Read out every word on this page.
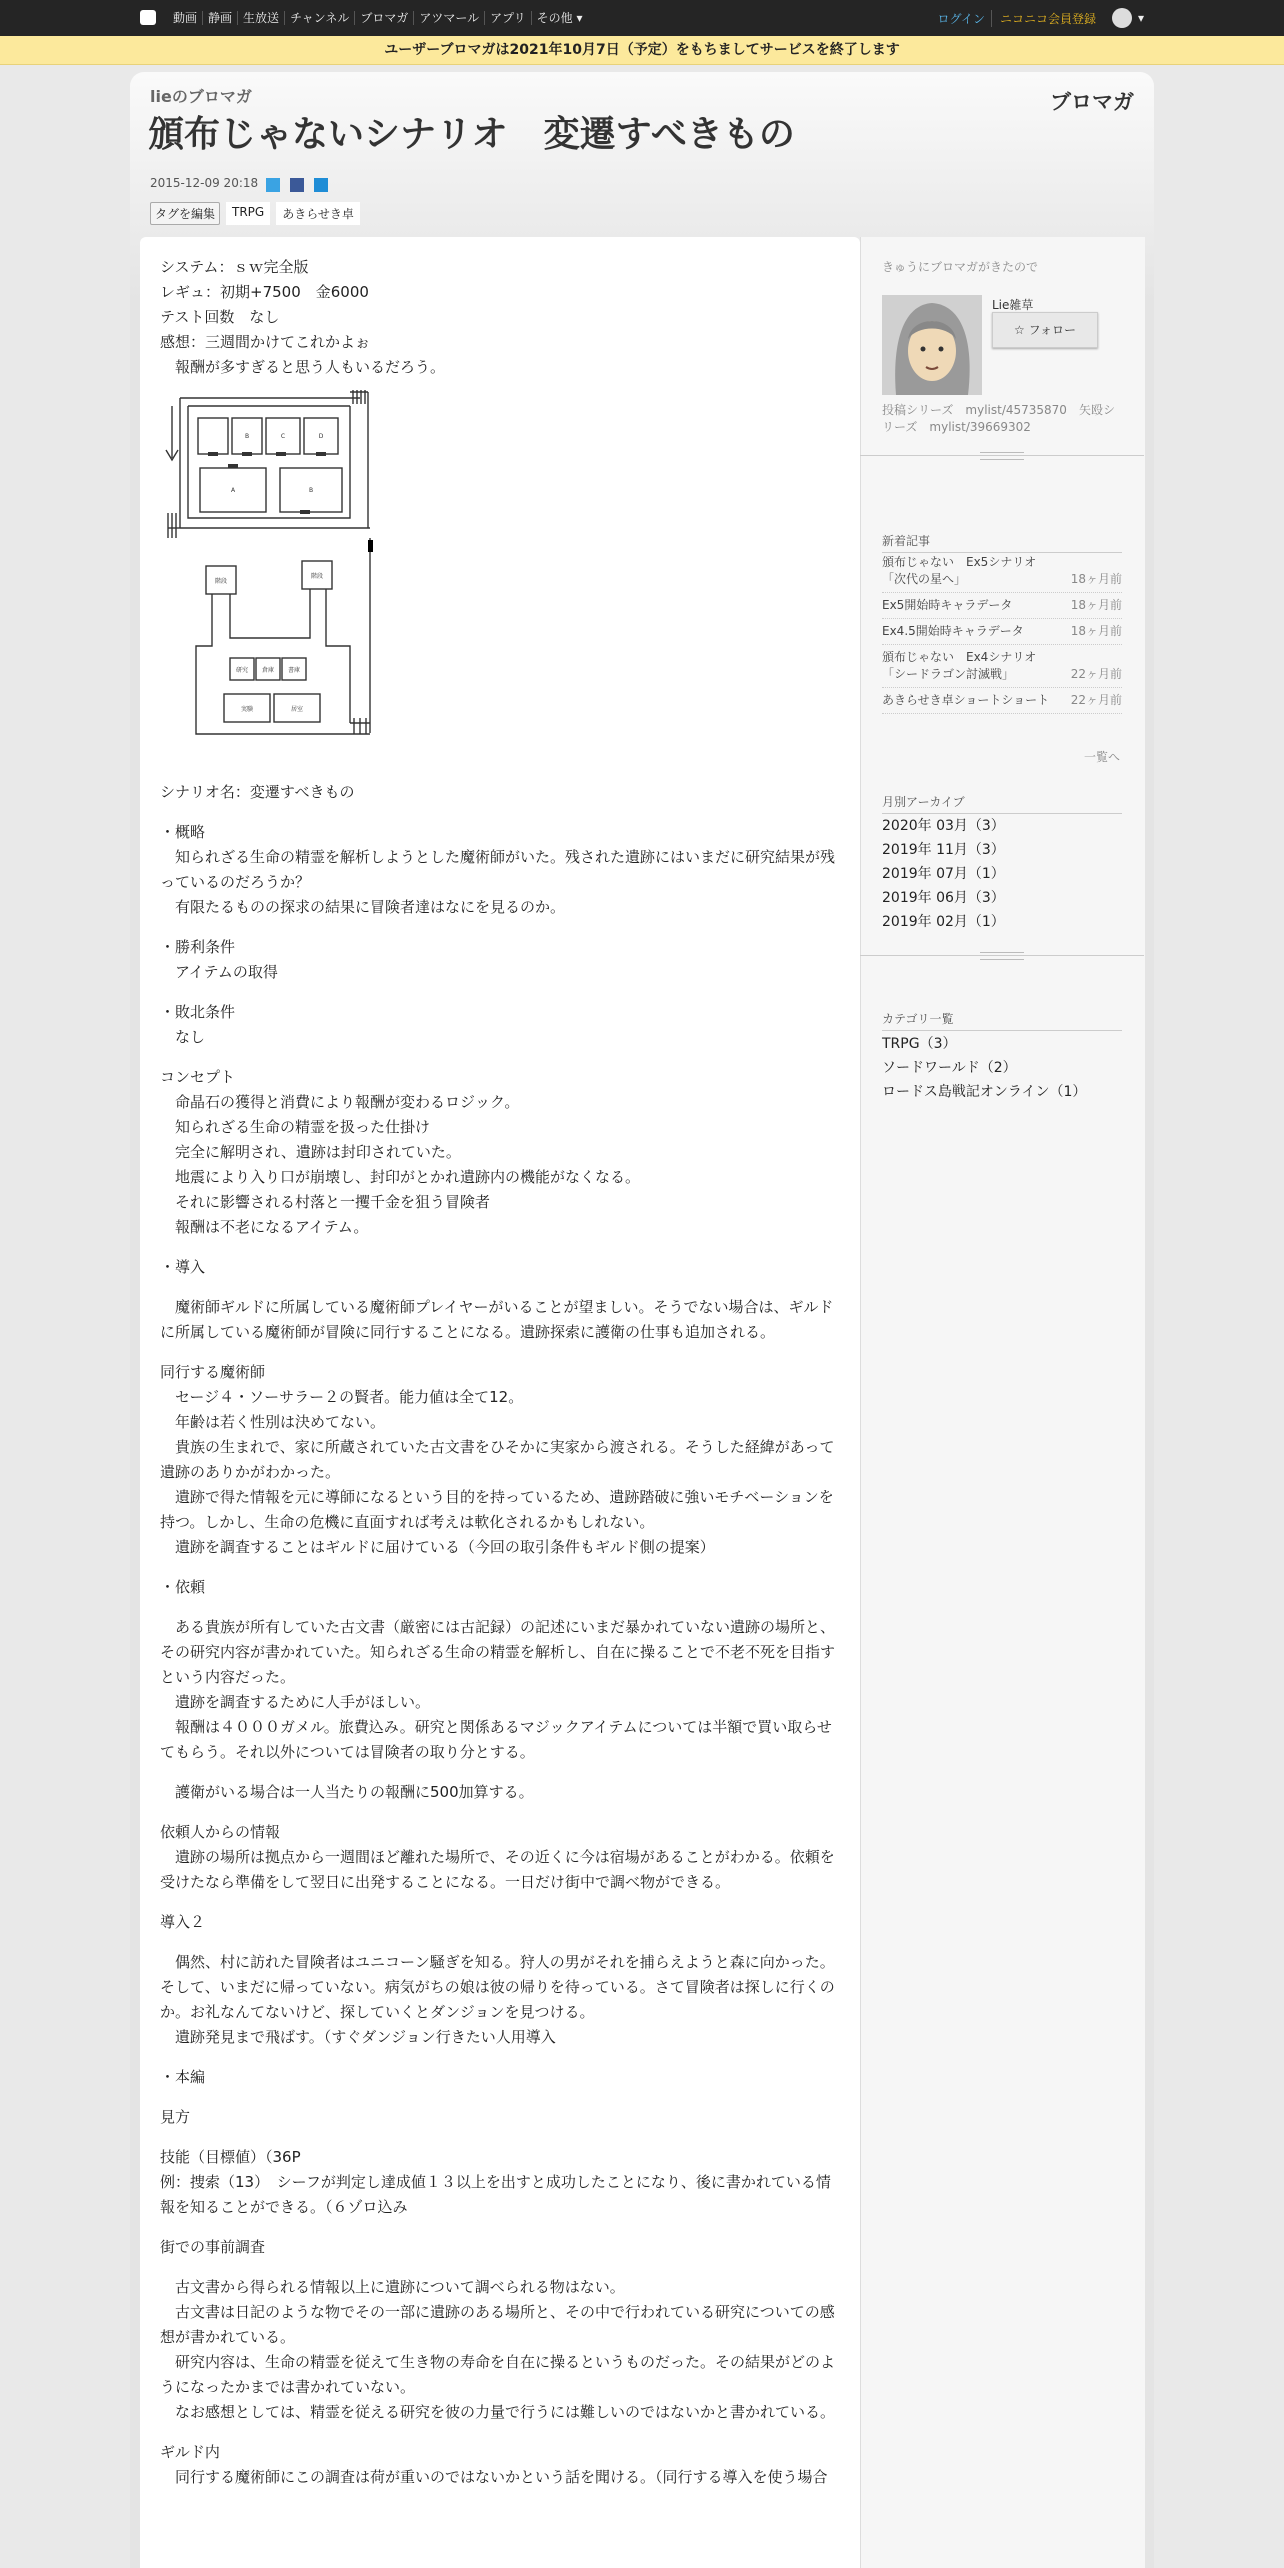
動画 静画 生放送 チャンネル ブロマガ アツマール アプリ その他 ▾	ログイン	ニコニコ会員登録	▾
ユーザーブロマガは2021年10月7日（予定）をもちましてサービスを終了します
lieのブロマガ	ブロマガ
頒布じゃないシナリオ　変遷すべきもの
2015-12-09 20:18
タグを編集	TRPG	あきらせき卓

システム：ｓｗ完全版

レギュ：初期+7500　金6000

テスト回数　なし

感想：三週間かけてこれかよぉ

　報酬が多すぎると思う人もいるだろう。

B	C	D
A	B
階段
階段
研究 倉庫 書庫
実験	居室

シナリオ名：変遷すべきもの

・概略

　知られざる生命の精霊を解析しようとした魔術師がいた。残された遺跡にはいまだに研究結果が残っているのだろうか？

　有限たるものの探求の結果に冒険者達はなにを見るのか。

・勝利条件

　アイテムの取得

・敗北条件

　なし

コンセプト

　命晶石の獲得と消費により報酬が変わるロジック。

　知られざる生命の精霊を扱った仕掛け

　完全に解明され、遺跡は封印されていた。

　地震により入り口が崩壊し、封印がとかれ遺跡内の機能がなくなる。

　それに影響される村落と一攫千金を狙う冒険者

　報酬は不老になるアイテム。

・導入

　魔術師ギルドに所属している魔術師プレイヤーがいることが望ましい。そうでない場合は、ギルドに所属している魔術師が冒険に同行することになる。遺跡探索に護衛の仕事も追加される。

同行する魔術師

　セージ４・ソーサラー２の賢者。能力値は全て12。

　年齢は若く性別は決めてない。

　貴族の生まれで、家に所蔵されていた古文書をひそかに実家から渡される。そうした経緯があって遺跡のありかがわかった。

　遺跡で得た情報を元に導師になるという目的を持っているため、遺跡踏破に強いモチベーションを持つ。しかし、生命の危機に直面すれば考えは軟化されるかもしれない。

　遺跡を調査することはギルドに届けている（今回の取引条件もギルド側の提案）

・依頼

　ある貴族が所有していた古文書（厳密には古記録）の記述にいまだ暴かれていない遺跡の場所と、その研究内容が書かれていた。知られざる生命の精霊を解析し、自在に操ることで不老不死を目指すという内容だった。

　遺跡を調査するために人手がほしい。

　報酬は４０００ガメル。旅費込み。研究と関係あるマジックアイテムについては半額で買い取らせてもらう。それ以外については冒険者の取り分とする。

　護衛がいる場合は一人当たりの報酬に500加算する。

依頼人からの情報

　遺跡の場所は拠点から一週間ほど離れた場所で、その近くに今は宿場があることがわかる。依頼を受けたなら準備をして翌日に出発することになる。一日だけ街中で調べ物ができる。

導入２

　偶然、村に訪れた冒険者はユニコーン騒ぎを知る。狩人の男がそれを捕らえようと森に向かった。そして、いまだに帰っていない。病気がちの娘は彼の帰りを待っている。さて冒険者は探しに行くのか。お礼なんてないけど、探していくとダンジョンを見つける。

　遺跡発見まで飛ばす。（すぐダンジョン行きたい人用導入

・本編

見方

技能（目標値）（36P

例：捜索（13）　シーフが判定し達成値１３以上を出すと成功したことになり、後に書かれている情報を知ることができる。（６ゾロ込み

街での事前調査

　古文書から得られる情報以上に遺跡について調べられる物はない。

　古文書は日記のような物でその一部に遺跡のある場所と、その中で行われている研究についての感想が書かれている。

　研究内容は、生命の精霊を従えて生き物の寿命を自在に操るというものだった。その結果がどのようになったかまでは書かれていない。

　なお感想としては、精霊を従える研究を彼の力量で行うには難しいのではないかと書かれている。

ギルド内

　同行する魔術師にこの調査は荷が重いのではないかという話を聞ける。（同行する導入を使う場合

きゅうにブロマガがきたので
Lie雑草
☆ フォロー
投稿シリーズ　mylist/45735870　矢殴シリーズ　mylist/39669302
新着記事
頒布じゃない　Ex5シナリオ　「次代の星へ」	18ヶ月前
Ex5開始時キャラデータ	18ヶ月前
Ex4.5開始時キャラデータ	18ヶ月前
頒布じゃない　Ex4シナリオ　「シードラゴン討滅戦」	22ヶ月前
あきらせき卓ショートショート	22ヶ月前
一覧へ
月別アーカイブ
2020年 03月（3）
2019年 11月（3）
2019年 07月（1）
2019年 06月（3）
2019年 02月（1）
カテゴリ一覧
TRPG（3）
ソードワールド（2）
ロードス島戦記オンライン（1）
